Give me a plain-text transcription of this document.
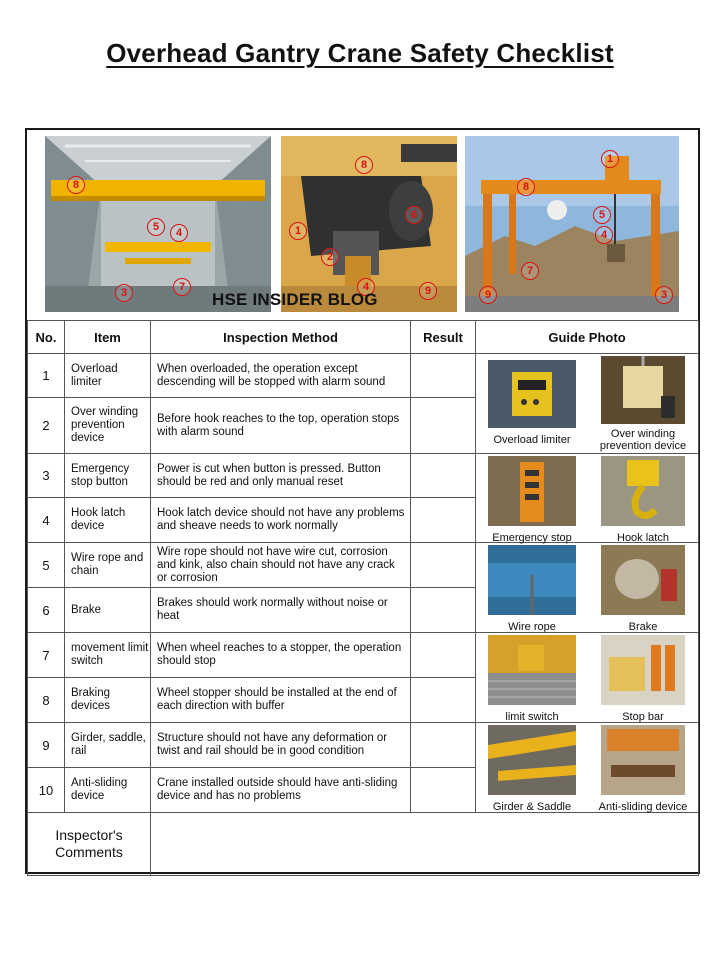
Overhead Gantry Crane Safety Checklist
8
5	4
3	7
8
1
6
2
4	9
1
8
5
4
7
9	3
HSE INSIDER BLOG
No.	Item	Inspection Method	Result	Guide Photo
1	Overload limiter	When overloaded, the operation except descending will be stopped with alarm sound		Overload limiter Over winding prevention device

2	Over winding prevention device	Before hook reaches to the top, operation stops with alarm sound		
3	Emergency stop button	Power is cut when button is pressed. Button should be red and only manual reset		Emergency stop Hook latch

4	Hook latch device	Hook latch device should not have any problems and sheave needs to work normally		
5	Wire rope and chain	Wire rope should not have wire cut, corrosion and kink, also chain should not have any crack or corrosion		Wire rope Brake

6	Brake	Brakes should work normally without noise or heat		
7	movement limit switch	When wheel reaches to a stopper, the operation should stop		limit switch Stop bar

8	Braking devices	Wheel stopper should be installed at the end of each direction with buffer		
9	Girder, saddle, rail	Structure should not have any deformation or twist and rail should be in good condition		Girder & Saddle Anti-sliding device

10	Anti-sliding device	Crane installed outside should have anti-sliding device and has no problems		
Inspector's Comments				
